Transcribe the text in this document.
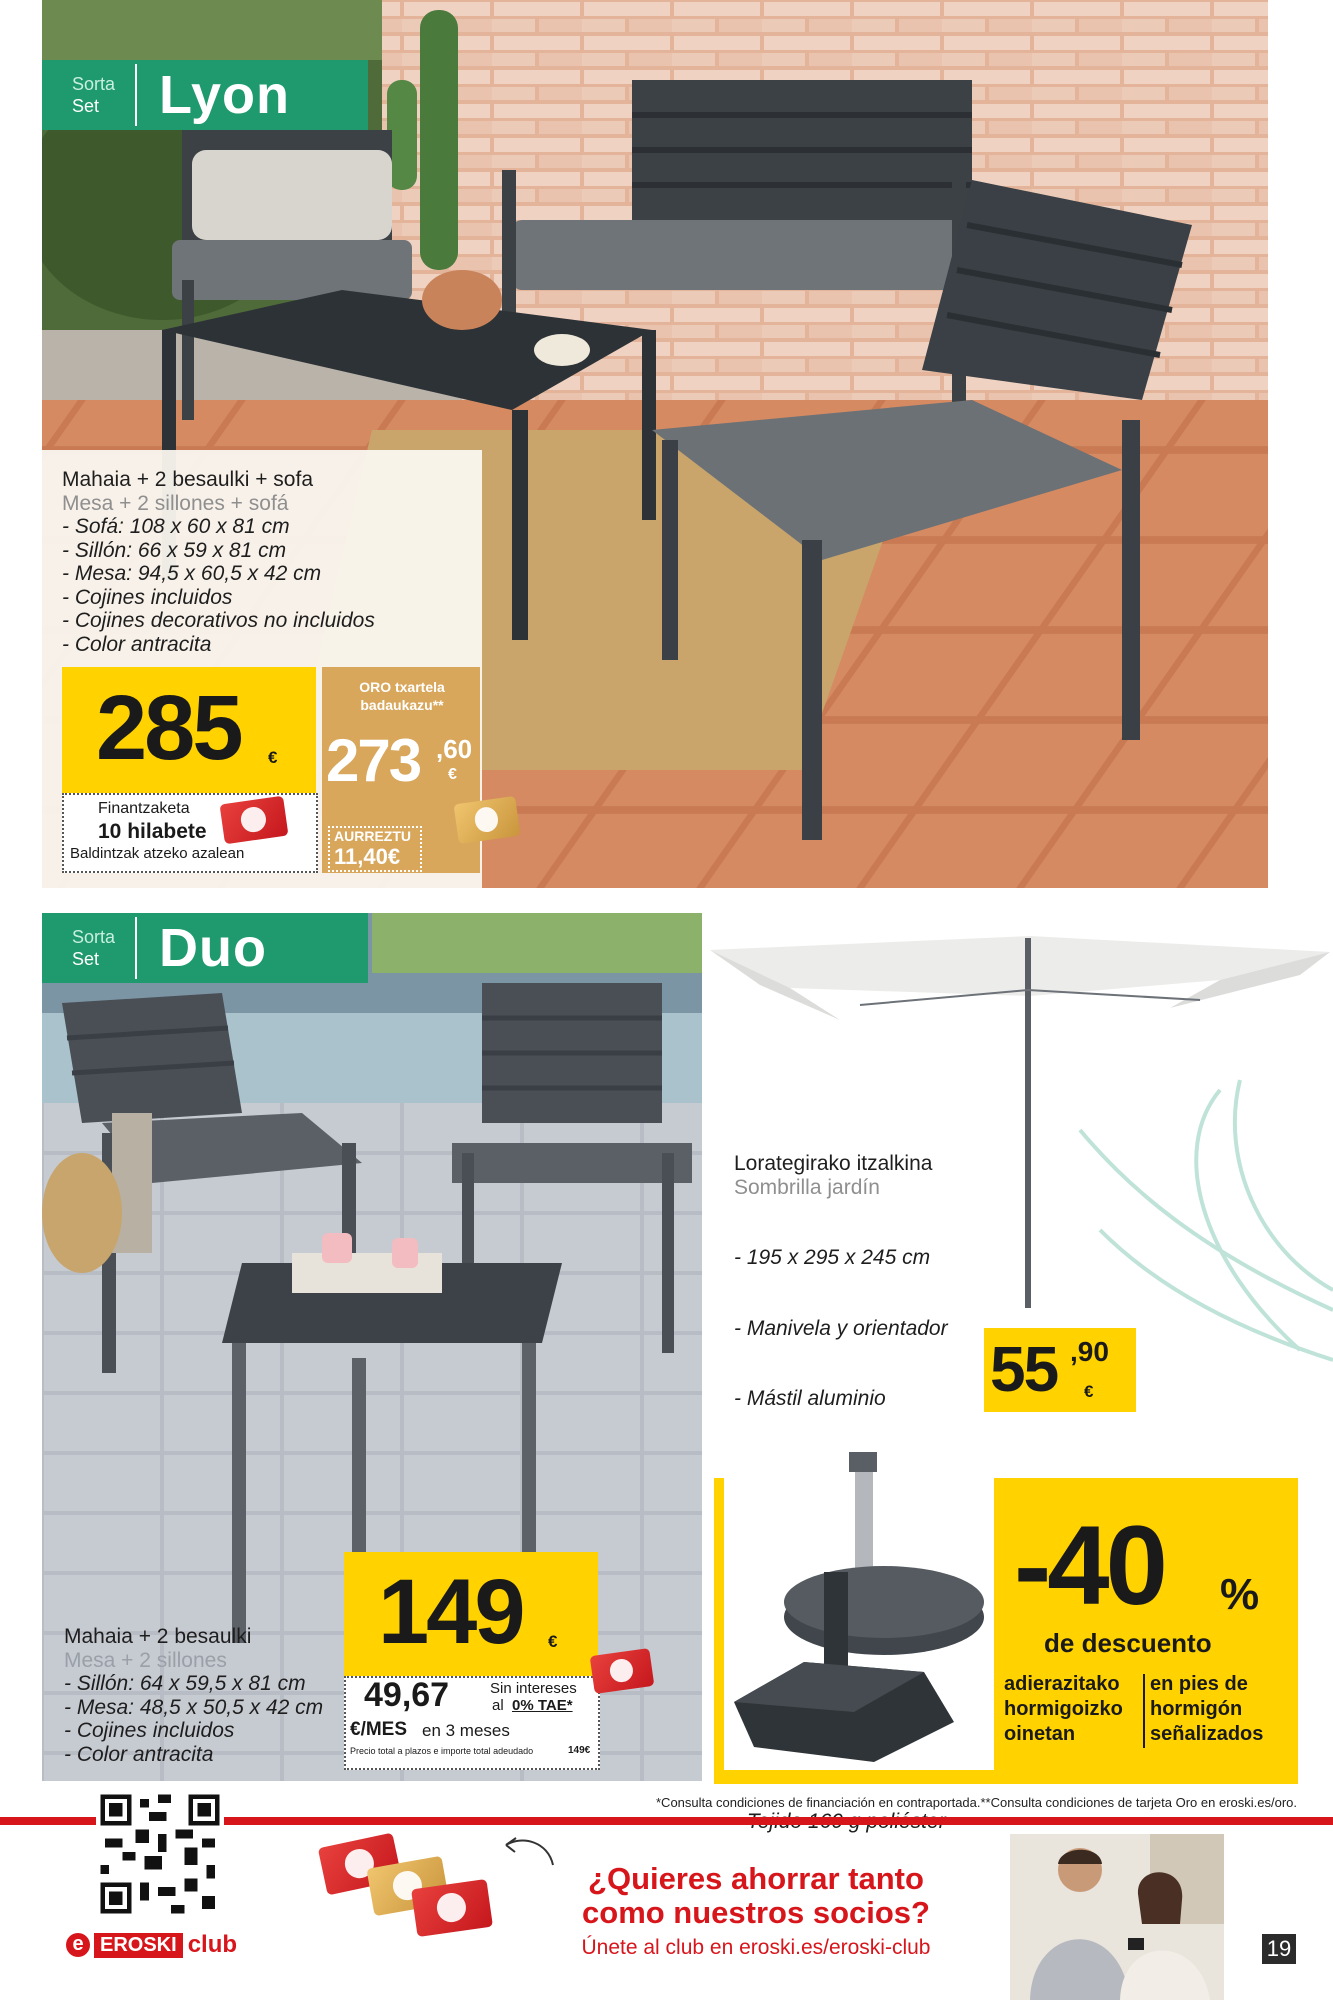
Sorta
Set	Lyon
Mahaia + 2 besaulki + sofa
Mesa + 2 sillones + sofá
- Sofá: 108 x 60 x 81 cm
- Sillón: 66 x 59 x 81 cm
- Mesa: 94,5 x 60,5 x 42 cm
- Cojines incluidos
- Cojines decorativos no incluidos
- Color antracita
285 €
Finantzaketa
10 hilabete
Baldintzak atzeko azalean
ORO txartela badaukazu**
273 ,60
€
AURREZTU
11,40€
Sorta
Set	Duo
Mahaia + 2 besaulki
Mesa + 2 sillones
- Sillón: 64 x 59,5 x 81 cm
- Mesa: 48,5 x 50,5 x 42 cm
- Cojines incluidos
- Color antracita
149 €
49,67	Sin intereses
al 0% TAE*
€/MES en 3 meses
Precio total a plazos e importe total adeudado	149€
Lorategirako itzalkina
Sombrilla jardín

- 195 x 295 x 245 cm

- Manivela y orientador

- Mástil aluminio

	55 ,90
€
-40 %
de descuento
adierazitako
hormigoizko
oinetan
en pies de
hormigón
señalizados
*Consulta condiciones de financiación en contraportada.**Consulta condiciones de tarjeta Oro en eroski.es/oro.
e EROSKI club
¿Quieres ahorrar tanto
como nuestros socios?
Únete al club en eroski.es/eroski-club	19
